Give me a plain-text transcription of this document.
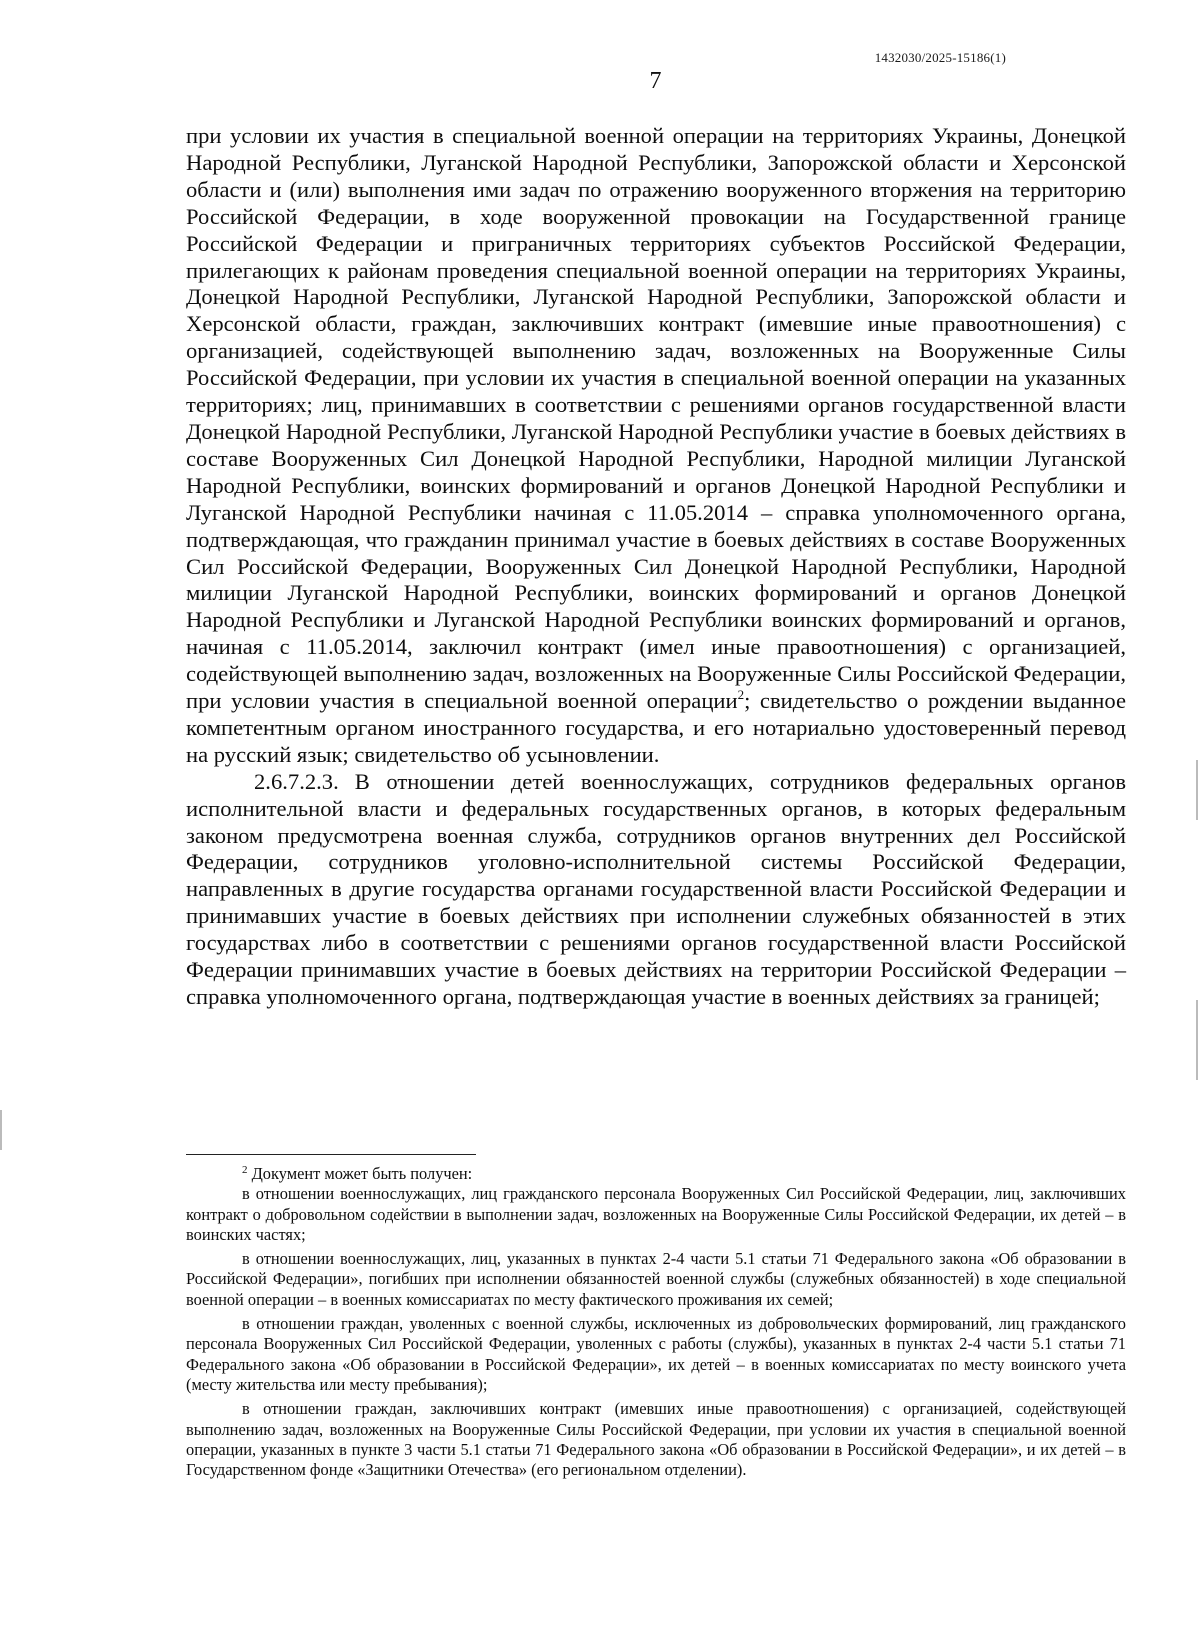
1432030/2025-15186(1)
7

при условии их участия в специальной военной операции на территориях Украины, Донецкой Народной Республики, Луганской Народной Республики, Запорожской области и Херсонской области и (или) выполнения ими задач по отражению вооруженного вторжения на территорию Российской Федерации, в ходе вооруженной провокации на Государственной границе Российской Федерации и приграничных территориях субъектов Российской Федерации, прилегающих к районам проведения специальной военной операции на территориях Украины, Донецкой Народной Республики, Луганской Народной Республики, Запорожской области и Херсонской области, граждан, заключивших контракт (имевшие иные правоотношения) с организацией, содействующей выполнению задач, возложенных на Вооруженные Силы Российской Федерации, при условии их участия в специальной военной операции на указанных территориях; лиц, принимавших в соответствии с решениями органов государственной власти Донецкой Народной Республики, Луганской Народной Республики участие в боевых действиях в составе Вооруженных Сил Донецкой Народной Республики, Народной милиции Луганской Народной Республики, воинских формирований и органов Донецкой Народной Республики и Луганской Народной Республики начиная с 11.05.2014 – справка уполномоченного органа, подтверждающая, что гражданин принимал участие в боевых действиях в составе Вооруженных Сил Российской Федерации, Вооруженных Сил Донецкой Народной Республики, Народной милиции Луганской Народной Республики, воинских формирований и органов Донецкой Народной Республики и Луганской Народной Республики воинских формирований и органов, начиная с 11.05.2014, заключил контракт (имел иные правоотношения) с организацией, содействующей выполнению задач, возложенных на Вооруженные Силы Российской Федерации, при условии участия в специальной военной операции$^2$; свидетельство о рождении выданное компетентным органом иностранного государства, и его нотариально удостоверенный перевод на русский язык; свидетельство об усыновлении.

2.6.7.2.3. В отношении детей военнослужащих, сотрудников федеральных органов исполнительной власти и федеральных государственных органов, в которых федеральным законом предусмотрена военная служба, сотрудников органов внутренних дел Российской Федерации, сотрудников уголовно-исполнительной системы Российской Федерации, направленных в другие государства органами государственной власти Российской Федерации и принимавших участие в боевых действиях при исполнении служебных обязанностей в этих государствах либо в соответствии с решениями органов государственной власти Российской Федерации принимавших участие в боевых действиях на территории Российской Федерации – справка уполномоченного органа, подтверждающая участие в военных действиях за границей;

$^2$ Документ может быть получен:

в отношении военнослужащих, лиц гражданского персонала Вооруженных Сил Российской Федерации, лиц, заключивших контракт о добровольном содействии в выполнении задач, возложенных на Вооруженные Силы Российской Федерации, их детей – в воинских частях;

в отношении военнослужащих, лиц, указанных в пунктах 2-4 части 5.1 статьи 71 Федерального закона «Об образовании в Российской Федерации», погибших при исполнении обязанностей военной службы (служебных обязанностей) в ходе специальной военной операции – в военных комиссариатах по месту фактического проживания их семей;

в отношении граждан, уволенных с военной службы, исключенных из добровольческих формирований, лиц гражданского персонала Вооруженных Сил Российской Федерации, уволенных с работы (службы), указанных в пунктах 2-4 части 5.1 статьи 71 Федерального закона «Об образовании в Российской Федерации», их детей – в военных комиссариатах по месту воинского учета (месту жительства или месту пребывания);

в отношении граждан, заключивших контракт (имевших иные правоотношения) с организацией, содействующей выполнению задач, возложенных на Вооруженные Силы Российской Федерации, при условии их участия в специальной военной операции, указанных в пункте 3 части 5.1 статьи 71 Федерального закона «Об образовании в Российской Федерации», и их детей – в Государственном фонде «Защитники Отечества» (его региональном отделении).
